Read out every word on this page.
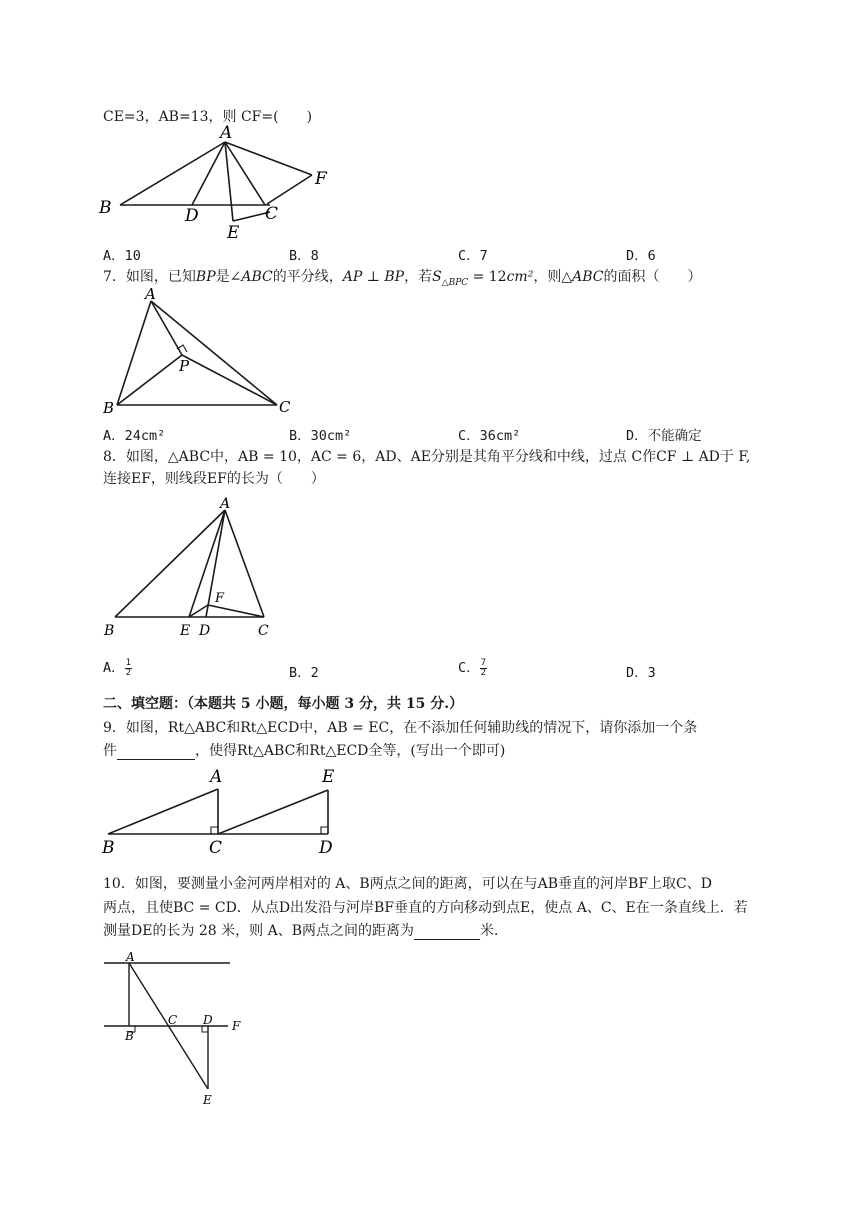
CE=3，AB=13，则 CF=(　　)
A
B	D	C
E
F
A．10	B．8	C．7	D．6
7．如图，已知BP是∠ABC的平分线，AP ⊥ BP，若$S_{\triangle BPC} = 12cm^2$，则△ABC的面积（　　）
A
P
B	C
A．24cm²	B．30cm²	C．36cm²	D．不能确定
8．如图，△ABC中，AB = 10，AC = 6，AD、AE分别是其角平分线和中线，过点 C作CF ⊥ AD于 F,
连接EF，则线段EF的长为（　　）
A
B	E D	C
F
A． $\frac{1}{2}$	B．2	C． $\frac{7}{2}$	D．3
二、填空题：（本题共 5 小题，每小题 3 分，共 15 分.）
9．如图，Rt△ABC和Rt△ECD中，AB = EC，在不添加任何辅助线的情况下，请你添加一个条
件	，使得Rt△ABC和Rt△ECD全等，(写出一个即可)
A	E
B	C	D
10．如图，要测量小金河两岸相对的 A、B两点之间的距离，可以在与AB垂直的河岸BF上取C、D
两点，且使BC = CD．从点D出发沿与河岸BF垂直的方向移动到点E，使点 A、C、E在一条直线上．若
测量DE的长为 28 米，则 A、B两点之间的距离为	米．
A
B
C D F
E
